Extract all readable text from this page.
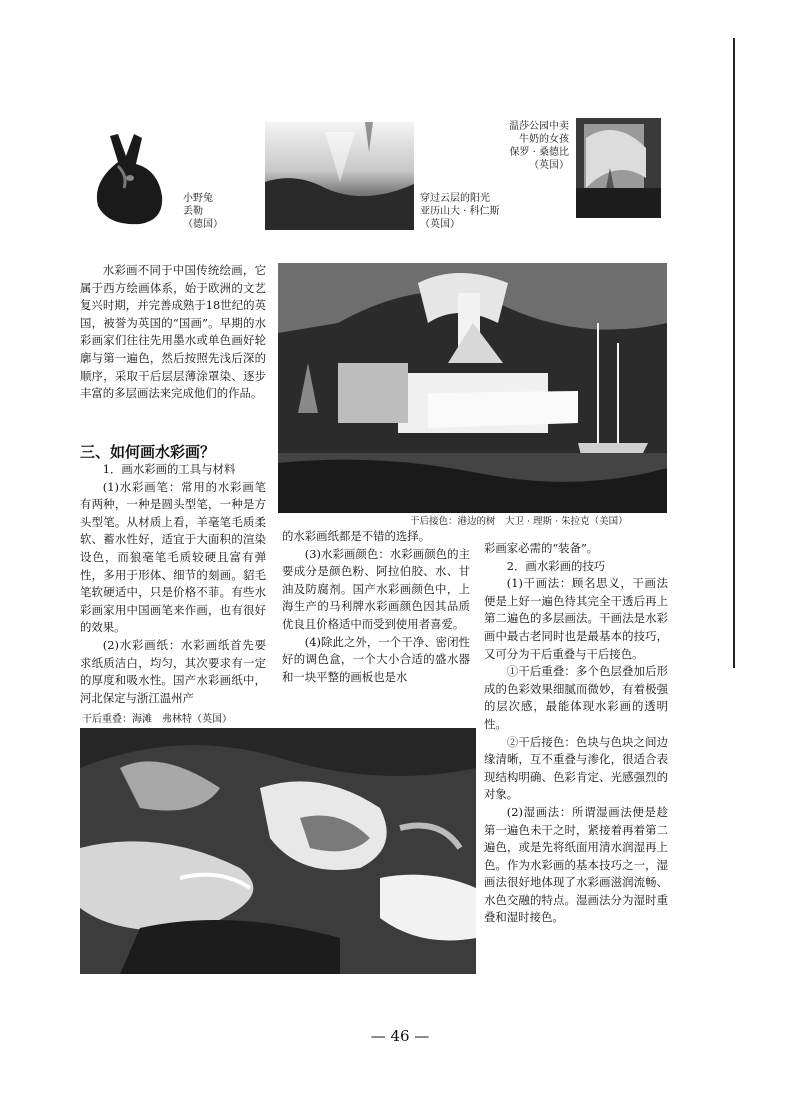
小野兔
丢勒
（德国）
穿过云层的阳光
亚历山大 · 科仁斯
（英国）
温莎公园中卖
牛奶的女孩
保罗 · 桑德比
（英国）

水彩画不同于中国传统绘画，它属于西方绘画体系，始于欧洲的文艺复兴时期，并完善成熟于18世纪的英国，被誉为英国的“国画”。早期的水彩画家们往往先用墨水或单色画好轮廓与第一遍色，然后按照先浅后深的顺序，采取干后层层薄涂罩染、逐步丰富的多层画法来完成他们的作品。

干后接色：港边的树　大卫 · 理斯 · 朱拉克（美国）
三、如何画水彩画？
1．画水彩画的工具与材料

(1)水彩画笔：常用的水彩画笔有两种，一种是圆头型笔，一种是方头型笔。从材质上看，羊毫笔毛质柔软、蓄水性好，适宜于大面积的渲染设色，而狼毫笔毛质较硬且富有弹性，多用于形体、细节的刻画。貂毛笔软硬适中，只是价格不菲。有些水彩画家用中国画笔来作画，也有很好的效果。

(2)水彩画纸：水彩画纸首先要求纸质洁白，均匀，其次要求有一定的厚度和吸水性。国产水彩画纸中，河北保定与浙江温州产

的水彩画纸都是不错的选择。

(3)水彩画颜色：水彩画颜色的主要成分是颜色粉、阿拉伯胶、水、甘油及防腐剂。国产水彩画颜色中，上海生产的马利牌水彩画颜色因其品质优良且价格适中而受到使用者喜爱。

(4)除此之外，一个干净、密闭性好的调色盒，一个大小合适的盛水器和一块平整的画板也是水

彩画家必需的“装备”。

2．画水彩画的技巧

(1)干画法：顾名思义，干画法便是上好一遍色待其完全干透后再上第二遍色的多层画法。干画法是水彩画中最古老同时也是最基本的技巧，又可分为干后重叠与干后接色。

①干后重叠：多个色层叠加后形成的色彩效果细腻而微妙，有着极强的层次感，最能体现水彩画的透明性。

②干后接色：色块与色块之间边缘清晰，互不重叠与渗化，很适合表现结构明确、色彩肯定、光感强烈的对象。

(2)湿画法：所谓湿画法便是趁第一遍色未干之时，紧接着再着第二遍色，或是先将纸面用清水润湿再上色。作为水彩画的基本技巧之一，湿画法很好地体现了水彩画滋润流畅、水色交融的特点。湿画法分为湿时重叠和湿时接色。

干后重叠：海滩　弗林特（英国）
— 46 —
